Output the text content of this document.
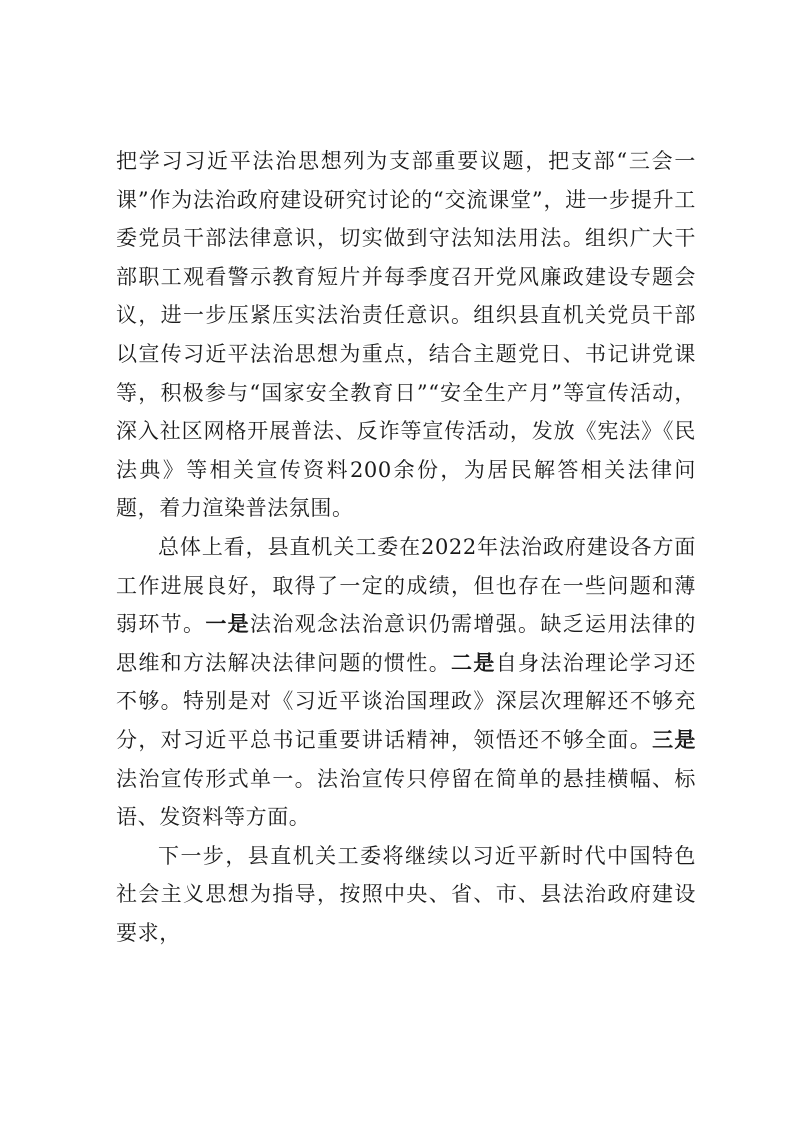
把学习习近平法治思想列为支部重要议题，把支部“三会一课”作为法治政府建设研究讨论的“交流课堂”，进一步提升工委党员干部法律意识，切实做到守法知法用法。组织广大干部职工观看警示教育短片并每季度召开党风廉政建设专题会议，进一步压紧压实法治责任意识。组织县直机关党员干部以宣传习近平法治思想为重点，结合主题党日、书记讲党课等，积极参与“国家安全教育日”“安全生产月”等宣传活动，深入社区网格开展普法、反诈等宣传活动，发放《宪法》《民法典》等相关宣传资料200余份，为居民解答相关法律问题，着力渲染普法氛围。

总体上看，县直机关工委在2022年法治政府建设各方面工作进展良好，取得了一定的成绩，但也存在一些问题和薄弱环节。一是法治观念法治意识仍需增强。缺乏运用法律的思维和方法解决法律问题的惯性。二是自身法治理论学习还不够。特别是对《习近平谈治国理政》深层次理解还不够充分，对习近平总书记重要讲话精神，领悟还不够全面。三是法治宣传形式单一。法治宣传只停留在简单的悬挂横幅、标语、发资料等方面。

下一步，县直机关工委将继续以习近平新时代中国特色社会主义思想为指导，按照中央、省、市、县法治政府建设要求，
